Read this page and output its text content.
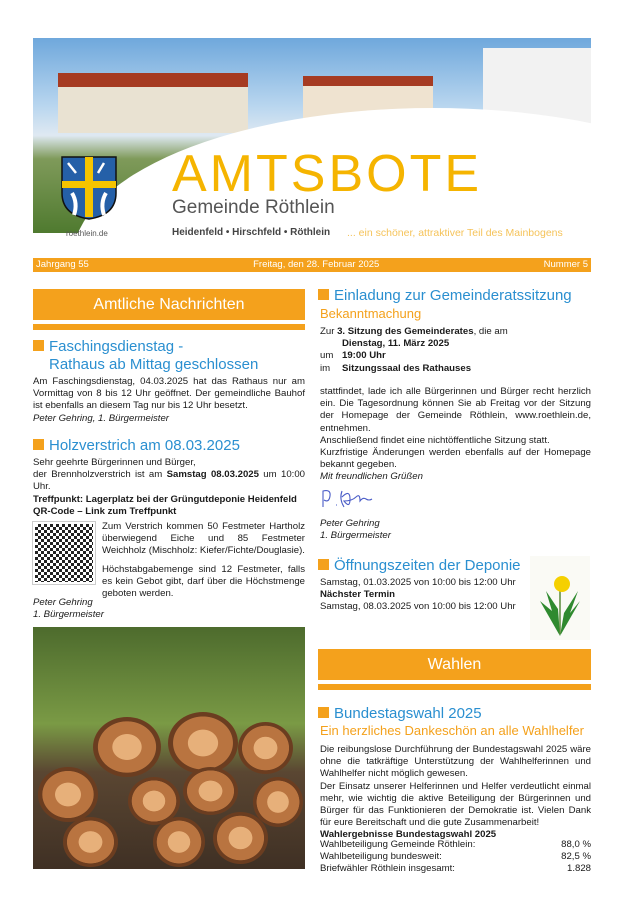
roethlein.de
AMTSBOTE
Gemeinde Röthlein
Heidenfeld • Hirschfeld • Röthlein ... ein schöner, attraktiver Teil des Mainbogens
Jahrgang 55	Freitag, den 28. Februar 2025	Nummer 5
Amtliche Nachrichten
Faschingsdienstag -
Rathaus ab Mittag geschlossen
Am Faschingsdienstag, 04.03.2025 hat das Rathaus nur am Vormittag von 8 bis 12 Uhr geöffnet. Der gemeindliche Bauhof ist ebenfalls an diesem Tag nur bis 12 Uhr besetzt.
Peter Gehring, 1. Bürgermeister
Holzverstrich am 08.03.2025
Sehr geehrte Bürgerinnen und Bürger,
der Brennholzverstrich ist am Samstag 08.03.2025 um 10:00 Uhr.
Treffpunkt: Lagerplatz bei der Grüngutdeponie Heidenfeld
QR-Code – Link zum Treffpunkt
Zum Verstrich kommen 50 Festmeter Hartholz überwiegend Eiche und 85 Festmeter Weichholz (Mischholz: Kiefer/Fichte/Douglasie).
Höchstabgabemenge sind 12 Festmeter, falls es kein Gebot gibt, darf über die Höchstmenge geboten werden.
Peter Gehring
1. Bürgermeister
Einladung zur Gemeinderatssitzung
Bekanntmachung
Zur 3. Sitzung des Gemeinderates, die am
Dienstag, 11. März 2025
um 19:00 Uhr
im Sitzungssaal des Rathauses
stattfindet, lade ich alle Bürgerinnen und Bürger recht herzlich ein. Die Tagesordnung können Sie ab Freitag vor der Sitzung der Homepage der Gemeinde Röthlein, www.roethlein.de, entnehmen.
Anschließend findet eine nichtöffentliche Sitzung statt.
Kurzfristige Änderungen werden ebenfalls auf der Homepage bekannt gegeben.
Mit freundlichen Grüßen
Peter Gehring
1. Bürgermeister
Öffnungszeiten der Deponie
Samstag, 01.03.2025 von 10:00 bis 12:00 Uhr
Nächster Termin
Samstag, 08.03.2025 von 10:00 bis 12:00 Uhr
Wahlen
Bundestagswahl 2025
Ein herzliches Dankeschön an alle Wahlhelfer
Die reibungslose Durchführung der Bundestagswahl 2025 wäre ohne die tatkräftige Unterstützung der Wahlhelferinnen und Wahlhelfer nicht möglich gewesen.
Der Einsatz unserer Helferinnen und Helfer verdeutlicht einmal mehr, wie wichtig die aktive Beteiligung der Bürgerinnen und Bürger für das Funktionieren der Demokratie ist. Vielen Dank für eure Bereitschaft und die gute Zusammenarbeit!
Wahlergebnisse Bundestagswahl 2025
Wahlbeteiligung Gemeinde Röthlein:	88,0 %
Wahlbeteiligung bundesweit:	82,5 %
Briefwähler Röthlein insgesamt:	1.828
